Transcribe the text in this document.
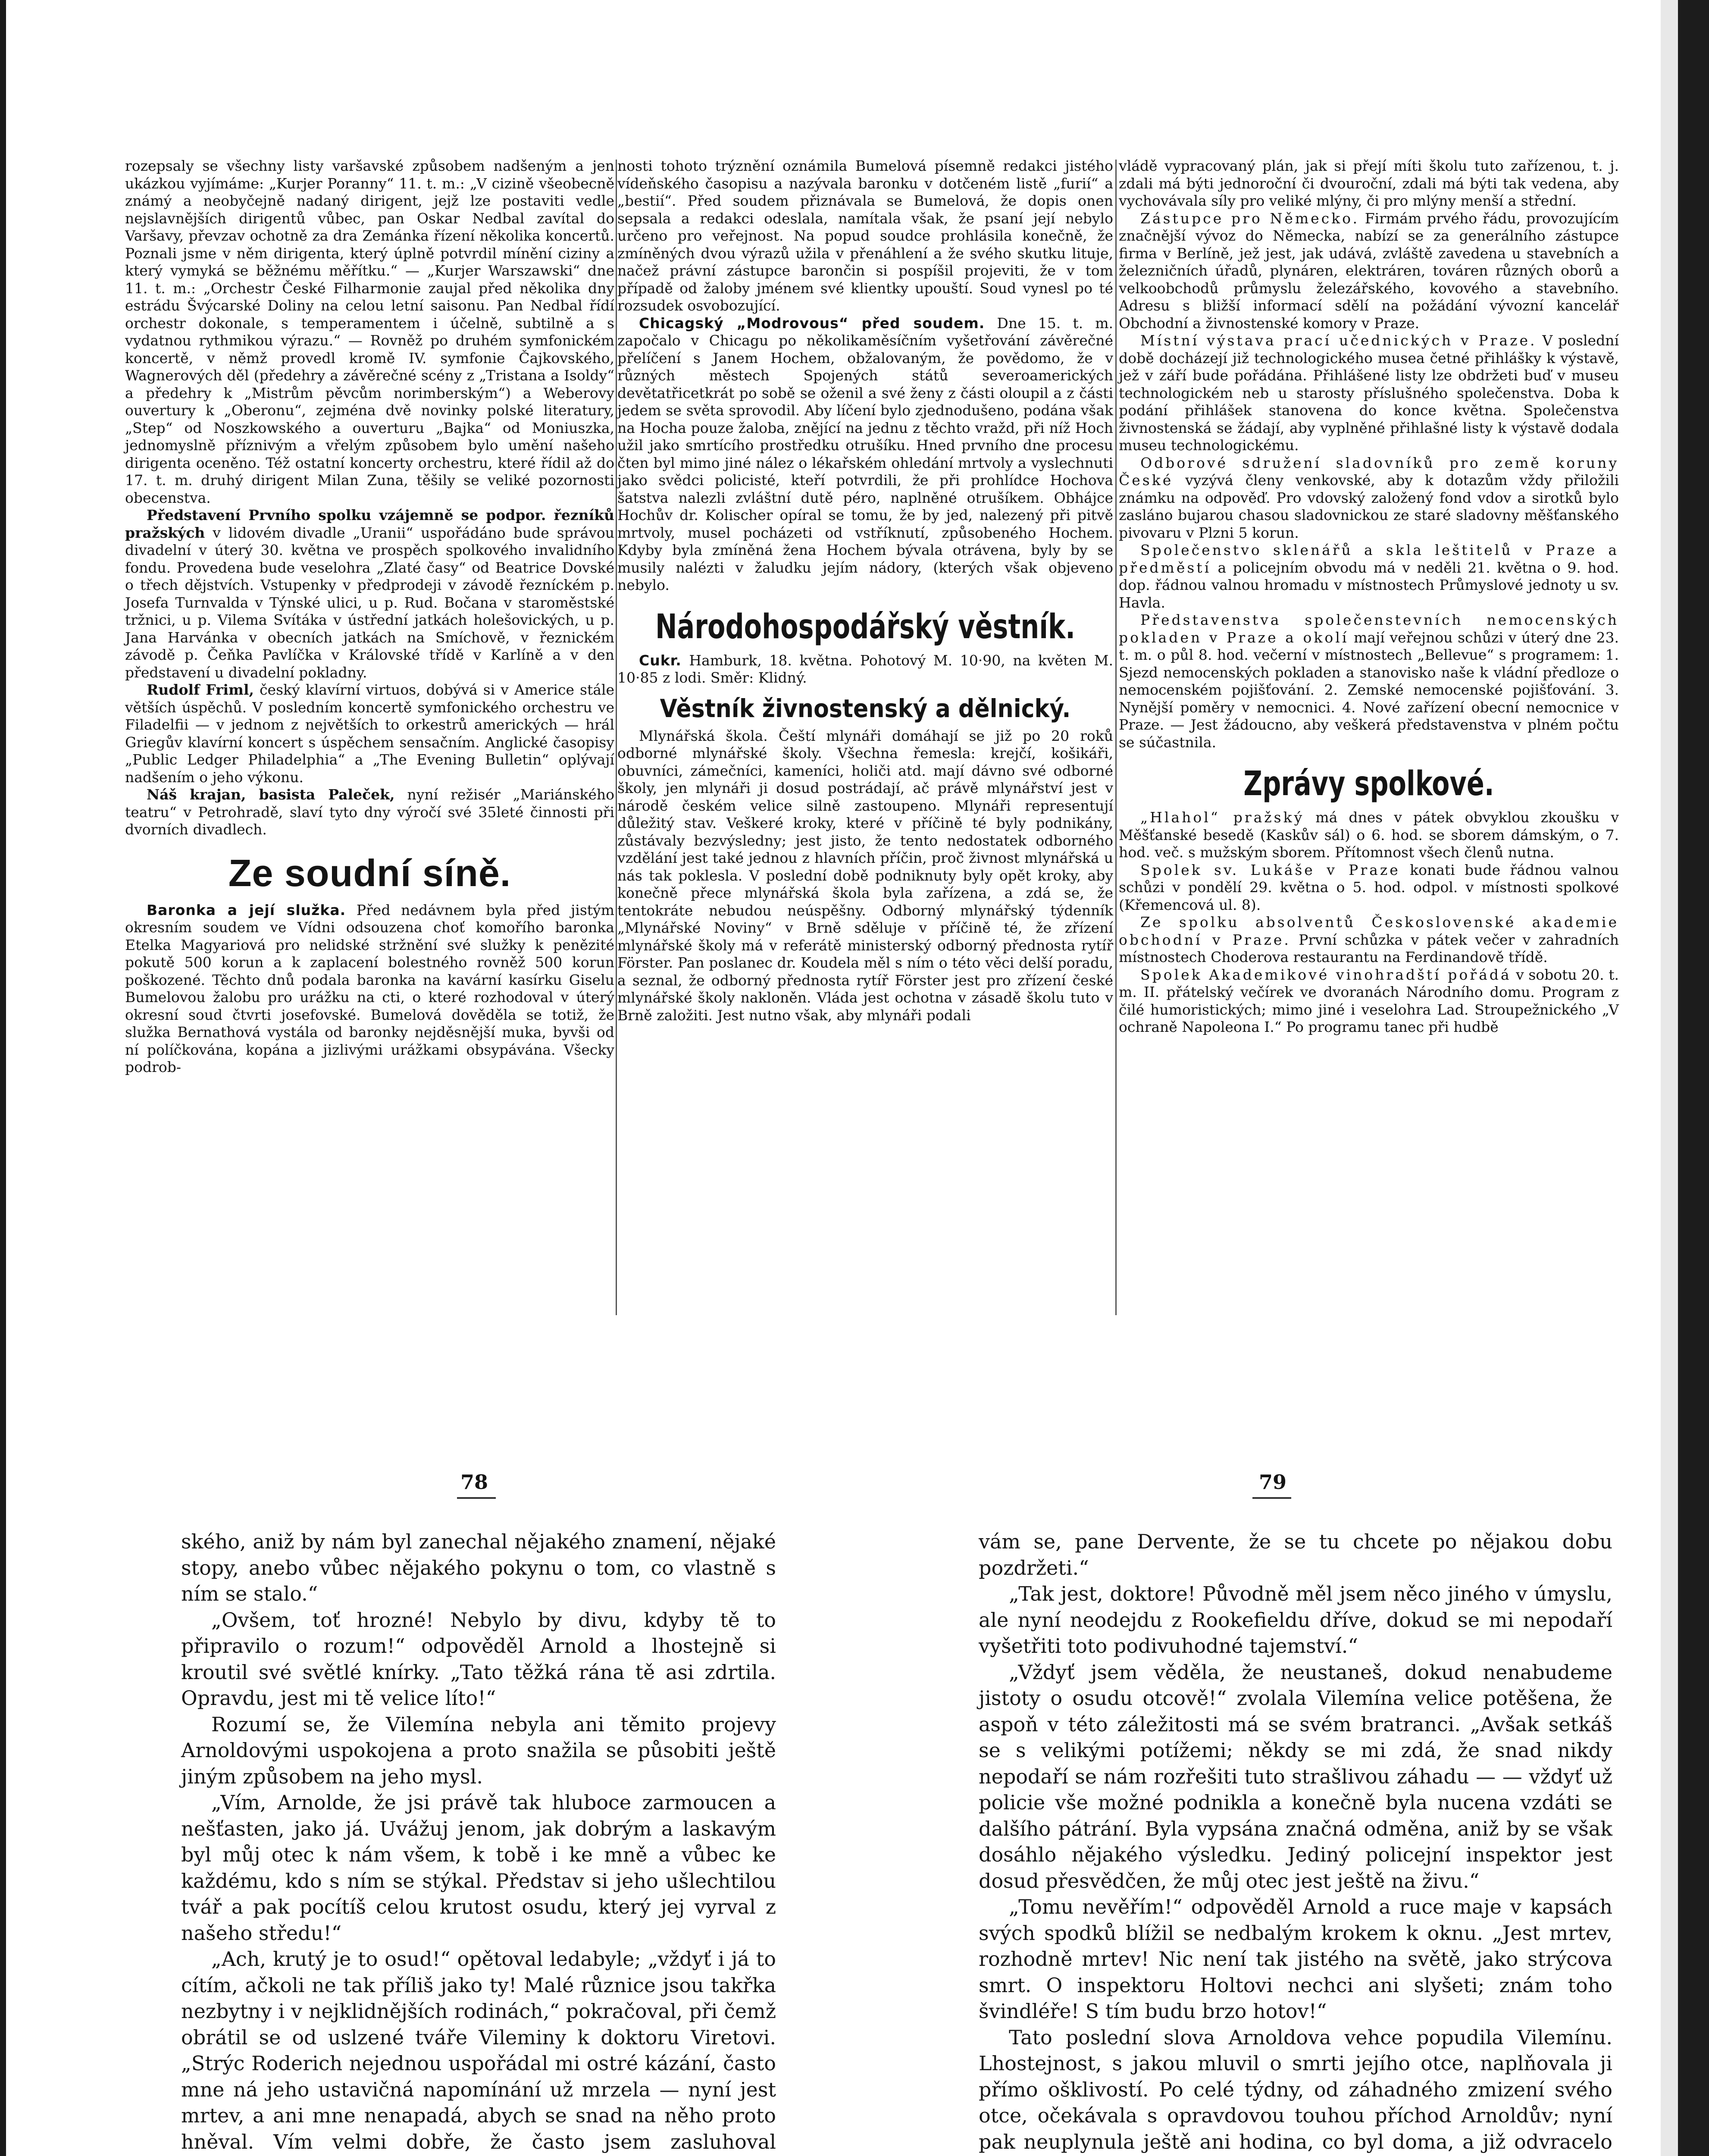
rozepsaly se všechny listy varšavské způsobem nadšeným a jen ukázkou vyjímáme: „Kurjer Poranny“ 11. t. m.: „V cizině všeobecně známý a neobyčejně nadaný dirigent, jejž lze postaviti vedle nejslavnějších dirigentů vůbec, pan Oskar Nedbal zavítal do Varšavy, převzav ochotně za dra Zemánka řízení několika koncertů. Poznali jsme v něm dirigenta, který úplně potvrdil mínění ciziny a který vymyká se běžnému měřítku.“ — „Kurjer Warszawski“ dne 11. t. m.: „Orchestr České Filharmonie zaujal před několika dny estrádu Švýcarské Doliny na celou letní saisonu. Pan Nedbal řídí orchestr dokonale, s temperamentem i účelně, subtilně a s vydatnou rythmikou výrazu.“ — Rovněž po druhém symfonickém koncertě, v němž provedl kromě IV. symfonie Čajkovského, Wagnerových děl (předehry a závěrečné scény z „Tristana a Isoldy“ a předehry k „Mistrům pěvcům norimberským“) a Weberovy ouvertury k „Oberonu“, zejména dvě novinky polské literatury, „Step“ od Noszkowského a ouverturu „Bajka“ od Moniuszka, jednomyslně příznivým a vřelým způsobem bylo umění našeho dirigenta oceněno. Též ostatní koncerty orchestru, které řídil až do 17. t. m. druhý dirigent Milan Zuna, těšily se veliké pozornosti obecenstva.

Představení Prvního spolku vzájemně se podpor. řezníků pražských v lidovém divadle „Uranii“ uspořádáno bude správou divadelní v úterý 30. května ve prospěch spolkového invalidního fondu. Provedena bude veselohra „Zlaté časy“ od Beatrice Dovské o třech dějstvích. Vstupenky v předprodeji v závodě řezníckém p. Josefa Turnvalda v Týnské ulici, u p. Rud. Bočana v staroměstské tržnici, u p. Vilema Svítáka v ústřední jatkách holešovických, u p. Jana Harvánka v obecních jatkách na Smíchově, v řeznickém závodě p. Čeňka Pavlíčka v Královské třídě v Karlíně a v den představení u divadelní pokladny.

Rudolf Friml, český klavírní virtuos, dobývá si v Americe stále větších úspěchů. V posledním koncertě symfonického orchestru ve Filadelfii — v jednom z největších to orkestrů amerických — hrál Griegův klavírní koncert s úspěchem sensačním. Anglické časopisy „Public Ledger Philadelphia“ a „The Evening Bulletin“ oplývají nadšením o jeho výkonu.

Náš krajan, basista Paleček, nyní režisér „Mariánského teatru“ v Petrohradě, slaví tyto dny výročí své 35leté činnosti při dvorních divadlech.

Ze soudní síně.

Baronka a její služka. Před nedávnem byla před jistým okresním soudem ve Vídni odsouzena choť komořího baronka Etelka Magyariová pro nelidské stržnění své služky k penězité pokutě 500 korun a k zaplacení bolestného rovněž 500 korun poškozené. Těchto dnů podala baronka na kavární kasírku Giselu Bumelovou žalobu pro urážku na cti, o které rozhodoval v úterý okresní soud čtvrti josefovské. Bumelová dověděla se totiž, že služka Bernathová vystála od baronky nejděsnější muka, byvši od ní políčkována, kopána a jizlivými urážkami obsypávána. Všecky podrob-

nosti tohoto trýznění oznámila Bumelová písemně redakci jistého vídeňského časopisu a nazývala baronku v dotčeném listě „furií“ a „bestií“. Před soudem přiznávala se Bumelová, že dopis onen sepsala a redakci odeslala, namítala však, že psaní její nebylo určeno pro veřejnost. Na popud soudce prohlásila konečně, že zmíněných dvou výrazů užila v přenáhlení a že svého skutku lituje, načež právní zástupce barončin si pospíšil projeviti, že v tom případě od žaloby jménem své klientky upouští. Soud vynesl po té rozsudek osvobozující.

Chicagský „Modrovous“ před soudem. Dne 15. t. m. započalo v Chicagu po několikaměsíčním vyšetřování závěrečné přelíčení s Janem Hochem, obžalovaným, že povědomo, že v různých městech Spojených států severoamerických devětatřicetkrát po sobě se oženil a své ženy z části oloupil a z části jedem se světa sprovodil. Aby líčení bylo zjednodušeno, podána však na Hocha pouze žaloba, znějící na jednu z těchto vražd, při níž Hoch užil jako smrtícího prostředku otrušíku. Hned prvního dne procesu čten byl mimo jiné nález o lékařském ohledání mrtvoly a vyslechnuti jako svědci policisté, kteří potvrdili, že při prohlídce Hochova šatstva nalezli zvláštní dutě péro, naplněné otrušíkem. Obhájce Hochův dr. Kolischer opíral se tomu, že by jed, nalezený při pitvě mrtvoly, musel pocházeti od vstříknutí, způsobeného Hochem. Kdyby byla zmíněná žena Hochem bývala otrávena, byly by se musily nalézti v žaludku jejím nádory, (kterých však objeveno nebylo.

Národohospodářský věstník.

Cukr. Hamburk, 18. května. Pohotový M. 10·90, na květen M. 10·85 z lodi. Směr: Klidný.

Věstník živnostenský a dělnický.

Mlynářská škola. Čeští mlynáři domáhají se již po 20 roků odborné mlynářské školy. Všechna řemesla: krejčí, košikáři, obuvníci, zámečníci, kameníci, holiči atd. mají dávno své odborné školy, jen mlynáři ji dosud postrádají, ač právě mlynářství jest v národě českém velice silně zastoupeno. Mlynáři representují důležitý stav. Veškeré kroky, které v příčině té byly podnikány, zůstávaly bezvýsledny; jest jisto, že tento nedostatek odborného vzdělání jest také jednou z hlavních příčin, proč živnost mlynářská u nás tak poklesla. V poslední době podniknuty byly opět kroky, aby konečně přece mlynářská škola byla zařízena, a zdá se, že tentokráte nebudou neúspěšny. Odborný mlynářský týdenník „Mlynářské Noviny“ v Brně sděluje v příčině té, že zřízení mlynářské školy má v referátě ministerský odborný přednosta rytíř Förster. Pan poslanec dr. Koudela měl s ním o této věci delší poradu, a seznal, že odborný přednosta rytíř Förster jest pro zřízení české mlynářské školy nakloněn. Vláda jest ochotna v zásadě školu tuto v Brně založiti. Jest nutno však, aby mlynáři podali

vládě vypracovaný plán, jak si přejí míti školu tuto zařízenou, t. j. zdali má býti jednoroční či dvouroční, zdali má býti tak vedena, aby vychovávala síly pro veliké mlýny, či pro mlýny menší a střední.

Zástupce pro Německo. Firmám prvého řádu, provozujícím značnější vývoz do Německa, nabízí se za generálního zástupce firma v Berlíně, jež jest, jak udává, zvláště zavedena u stavebních a železničních úřadů, plynáren, elektráren, továren různých oborů a velkoobchodů průmyslu železářského, kovového a stavebního. Adresu s bližší informací sdělí na požádání vývozní kancelář Obchodní a živnostenské komory v Praze.

Místní výstava prací učednických v Praze. V poslední době docházejí již technologického musea četné přihlášky k výstavě, jež v září bude pořádána. Přihlášené listy lze obdržeti buď v museu technologickém neb u starosty příslušného společenstva. Doba k podání přihlášek stanovena do konce května. Společenstva živnostenská se žádají, aby vyplněné přihlašné listy k výstavě dodala museu technologickému.

Odborové sdružení sladovníků pro země koruny České vyzývá členy venkovské, aby k dotazům vždy přiložili známku na odpověď. Pro vdovský založený fond vdov a sirotků bylo zasláno bujarou chasou sladovnickou ze staré sladovny měšťanského pivovaru v Plzni 5 korun.

Společenstvo sklenářů a skla leštitelů v Praze a předměstí a policejním obvodu má v neděli 21. května o 9. hod. dop. řádnou valnou hromadu v místnostech Průmyslové jednoty u sv. Havla.

Představenstva společenstevních nemocenských pokladen v Praze a okolí mají veřejnou schůzi v úterý dne 23. t. m. o půl 8. hod. večerní v místnostech „Bellevue“ s programem: 1. Sjezd nemocenských pokladen a stanovisko naše k vládní předloze o nemocenském pojišťování. 2. Zemské nemocenské pojišťování. 3. Nynější poměry v nemocnici. 4. Nové zařízení obecní nemocnice v Praze. — Jest žádoucno, aby veškerá představenstva v plném počtu se súčastnila.

Zprávy spolkové.

„Hlahol“ pražský má dnes v pátek obvyklou zkoušku v Měšťanské besedě (Kaskův sál) o 6. hod. se sborem dámským, o 7. hod. več. s mužským sborem. Přítomnost všech členů nutna.

Spolek sv. Lukáše v Praze konati bude řádnou valnou schůzi v pondělí 29. května o 5. hod. odpol. v místnosti spolkové (Křemencová ul. 8).

Ze spolku absolventů Československé akademie obchodní v Praze. První schůzka v pátek večer v zahradních místnostech Choderova restaurantu na Ferdinandově třídě.

Spolek Akademikové vinohradští pořádá v sobotu 20. t. m. II. přátelský večírek ve dvoranách Národního domu. Program z čilé humoristických; mimo jiné i veselohra Lad. Stroupežnického „V ochraně Napoleona I.“ Po programu tanec při hudbě

78	79

ského, aniž by nám byl zanechal nějakého znamení, nějaké stopy, anebo vůbec nějakého pokynu o tom, co vlastně s ním se stalo.“

„Ovšem, toť hrozné! Nebylo by divu, kdyby tě to připravilo o rozum!“ odpověděl Arnold a lhostejně si kroutil své světlé knírky. „Tato těžká rána tě asi zdrtila. Opravdu, jest mi tě velice líto!“

Rozumí se, že Vilemína nebyla ani těmito projevy Arnoldovými uspokojena a proto snažila se působiti ještě jiným způsobem na jeho mysl.

„Vím, Arnolde, že jsi právě tak hluboce zarmoucen a nešťasten, jako já. Uvážuj jenom, jak dobrým a laskavým byl můj otec k nám všem, k tobě i ke mně a vůbec ke každému, kdo s ním se stýkal. Představ si jeho ušlechtilou tvář a pak pocítíš celou krutost osudu, který jej vyrval z našeho středu!“

„Ach, krutý je to osud!“ opětoval ledabyle; „vždyť i já to cítím, ačkoli ne tak příliš jako ty! Malé různice jsou takřka nezbytny i v nejklidnějších rodinách,“ pokračoval, při čemž obrátil se od uslzené tváře Vileminy k doktoru Viretovi. „Strýc Roderich nejednou uspořádal mi ostré kázání, často mne ná jeho ustavičná napomínání už mrzela — nyní jest mrtev, a ani mne nenapadá, abych se snad na něho proto hněval. Vím velmi dobře, že často jsem zasluhoval

vám se, pane Dervente, že se tu chcete po nějakou dobu pozdržeti.“

„Tak jest, doktore! Původně měl jsem něco jiného v úmyslu, ale nyní neodejdu z Rookefieldu dříve, dokud se mi nepodaří vyšetřiti toto podivuhodné tajemství.“

„Vždyť jsem věděla, že neustaneš, dokud nenabudeme jistoty o osudu otcově!“ zvolala Vilemína velice potěšena, že aspoň v této záležitosti má se svém bratranci. „Avšak setkáš se s velikými potížemi; někdy se mi zdá, že snad nikdy nepodaří se nám rozřešiti tuto strašlivou záhadu — — vždyť už policie vše možné podnikla a konečně byla nucena vzdáti se dalšího pátrání. Byla vypsána značná odměna, aniž by se však dosáhlo nějakého výsledku. Jediný policejní inspektor jest dosud přesvědčen, že můj otec jest ještě na živu.“

„Tomu nevěřím!“ odpověděl Arnold a ruce maje v kapsách svých spodků blížil se nedbalým krokem k oknu. „Jest mrtev, rozhodně mrtev! Nic není tak jistého na světě, jako strýcova smrt. O inspektoru Holtovi nechci ani slyšeti; znám toho švindléře! S tím budu brzo hotov!“

Tato poslední slova Arnoldova vehce popudila Vilemínu. Lhostejnost, s jakou mluvil o smrti jejího otce, naplňovala ji přímo ošklivostí. Po celé týdny, od záhadného zmizení svého otce, očekávala s opravdovou touhou příchod Arnoldův; nyní pak neuplynula ještě ani hodina, co byl doma, a již odvracelo
